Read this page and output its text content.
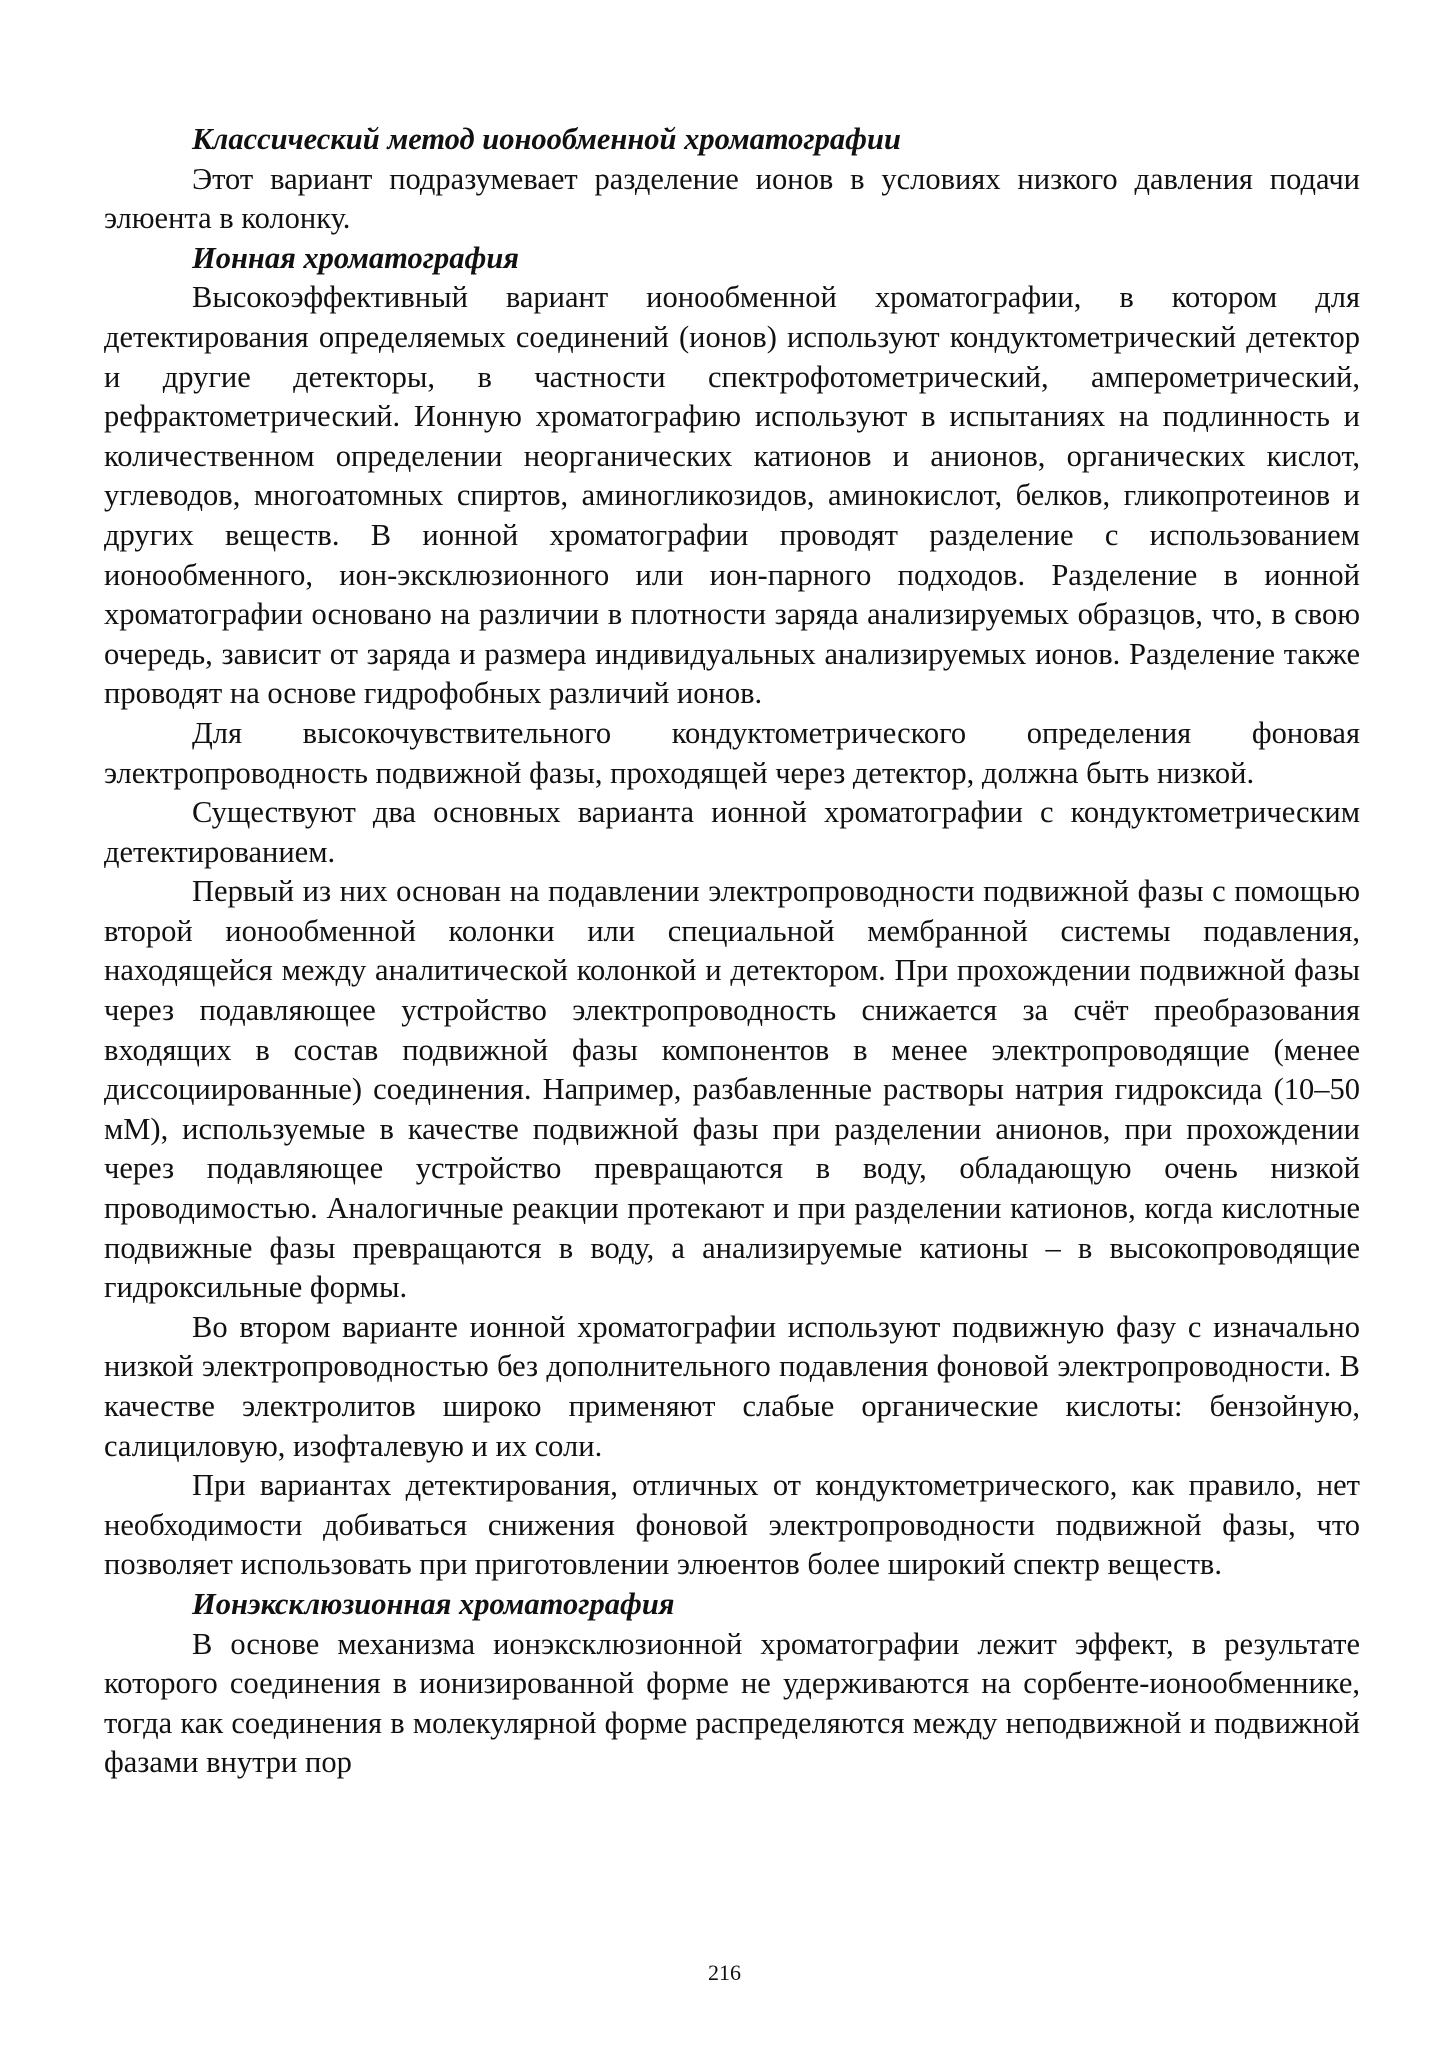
Классический метод ионообменной хроматографии

Этот вариант подразумевает разделение ионов в условиях низкого давления подачи элюента в колонку.

Ионная хроматография

Высокоэффективный вариант ионообменной хроматографии, в котором для детектирования определяемых соединений (ионов) используют кондуктометрический детектор и другие детекторы, в частности спектрофотометрический, амперометрический, рефрактометрический. Ионную хроматографию используют в испытаниях на подлинность и количественном определении неорганических катионов и анионов, органических кислот, углеводов, многоатомных спиртов, аминогликозидов, аминокислот, белков, гликопротеинов и других веществ. В ионной хроматографии проводят разделение с использованием ионообменного, ион-эксклюзионного или ион-парного подходов. Разделение в ионной хроматографии основано на различии в плотности заряда анализируемых образцов, что, в свою очередь, зависит от заряда и размера индивидуальных анализируемых ионов. Разделение также проводят на основе гидрофобных различий ионов.

Для высокочувствительного кондуктометрического определения фоновая электропроводность подвижной фазы, проходящей через детектор, должна быть низкой.

Существуют два основных варианта ионной хроматографии с кондуктометрическим детектированием.

Первый из них основан на подавлении электропроводности подвижной фазы с помощью второй ионообменной колонки или специальной мембранной системы подавления, находящейся между аналитической колонкой и детектором. При прохождении подвижной фазы через подавляющее устройство электропроводность снижается за счёт преобразования входящих в состав подвижной фазы компонентов в менее электропроводящие (менее диссоциированные) соединения. Например, разбавленные растворы натрия гидроксида (10–50 мМ), используемые в качестве подвижной фазы при разделении анионов, при прохождении через подавляющее устройство превращаются в воду, обладающую очень низкой проводимостью. Аналогичные реакции протекают и при разделении катионов, когда кислотные подвижные фазы превращаются в воду, а анализируемые катионы – в высокопроводящие гидроксильные формы.

Во втором варианте ионной хроматографии используют подвижную фазу с изначально низкой электропроводностью без дополнительного подавления фоновой электропроводности. В качестве электролитов широко применяют слабые органические кислоты: бензойную, салициловую, изофталевую и их соли.

При вариантах детектирования, отличных от кондуктометрического, как правило, нет необходимости добиваться снижения фоновой электропроводности подвижной фазы, что позволяет использовать при приготовлении элюентов более широкий спектр веществ.

Ионэксклюзионная хроматография

В основе механизма ионэксклюзионной хроматографии лежит эффект, в результате которого соединения в ионизированной форме не удерживаются на сорбенте-ионообменнике, тогда как соединения в молекулярной форме распределяются между неподвижной и подвижной фазами внутри пор

216
